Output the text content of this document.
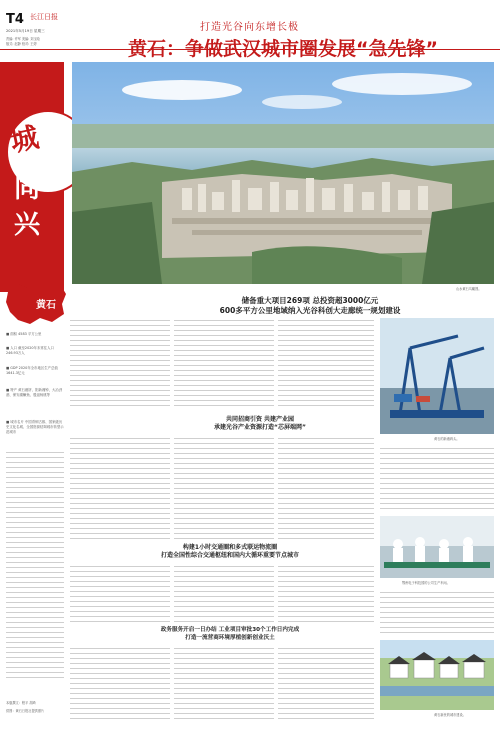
T4 长江日报
2021年5月19日 星期三
责编: 许军 美编: 刘玉晗
版式: 赵静 校对: 王婷
打造光谷向东增长极
黄石：争做武汉城市圈发展“急先锋”
城
同
兴
黄石
■ 面积 4583 平方公里
■ 人口 截至2020年末常住人口246.93万人
■ GDP 2020年全市地区生产总值1641.3亿元
■ 特产 黄石港饼、阳新湘钟、大冶劲酒、保安湖鳜鱼、殷祖杨桃等
■ 城市名片 中国青铜古都、国家级历史文化名城、全国资源枯竭城市转型示范城市
山水黄石鸟瞰图。
储备重大项目269项 总投资超3000亿元
600多平方公里地域纳入光谷科创大走廊统一规划建设
黄石的新港码头。
共同招商引资 共建产业园
承建光谷产业资源打造“芯屏端网”
构建1小时交通圈和多式联运物流圈
打造全国性综合交通枢纽和国内大循环重要节点城市
鄂州电子科技园的公司生产车间。
政务服务开启一日办结 工业项目审批30个工作日内完成
打造一流营商环境厚植创新创业沃土
黄石新民的城市建设。
本版撰文：程平 胡琦
供图：黄石日报社提供照片
